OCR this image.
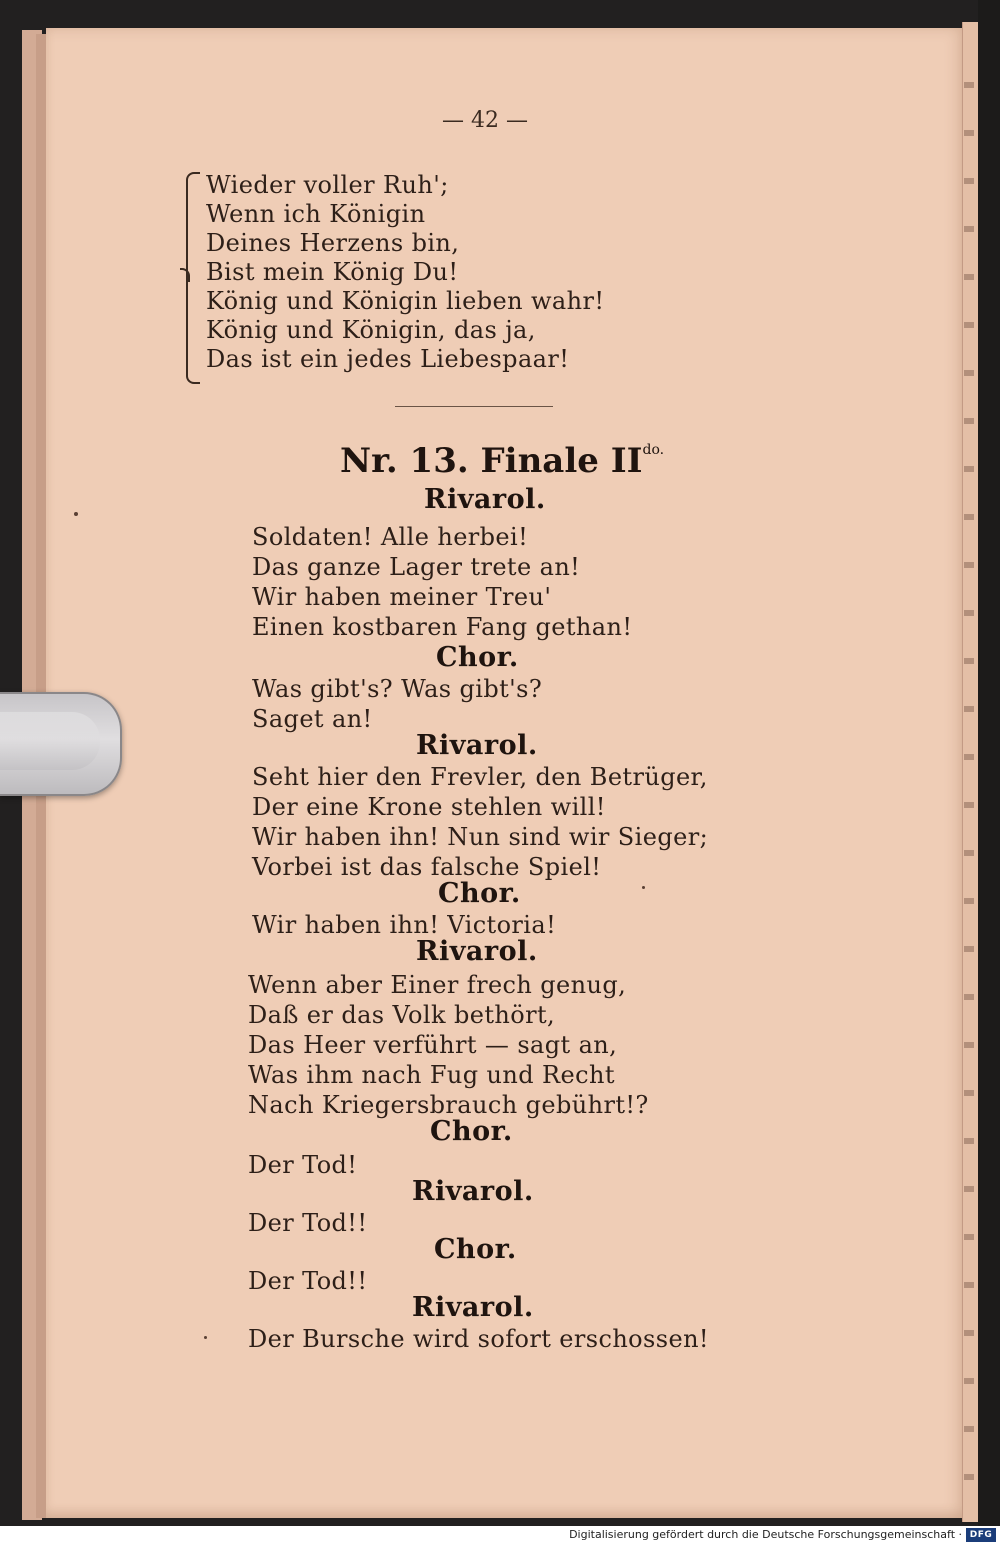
— 42 —
Wieder voller Ruh';
Wenn ich Königin
Deines Herzens bin,
Bist mein König Du!
König und Königin lieben wahr!
König und Königin, das ja,
Das ist ein jedes Liebespaar!
Nr. 13. Finale $II^{do.}$
Rivarol.
Soldaten! Alle herbei!
Das ganze Lager trete an!
Wir haben meiner Treu'
Einen kostbaren Fang gethan!
Chor.
Was gibt's? Was gibt's?
Saget an!
Rivarol.
Seht hier den Frevler, den Betrüger,
Der eine Krone stehlen will!
Wir haben ihn! Nun sind wir Sieger;
Vorbei ist das falsche Spiel!
Chor.
Wir haben ihn! Victoria!
Rivarol.
Wenn aber Einer frech genug,
Daß er das Volk bethört,
Das Heer verführt — sagt an,
Was ihm nach Fug und Recht
Nach Kriegersbrauch gebührt!?
Chor.
Der Tod!
Rivarol.
Der Tod!!
Chor.
Der Tod!!
Rivarol.
Der Bursche wird sofort erschossen!
Digitalisierung gefördert durch die Deutsche Forschungsgemeinschaft · DFG
